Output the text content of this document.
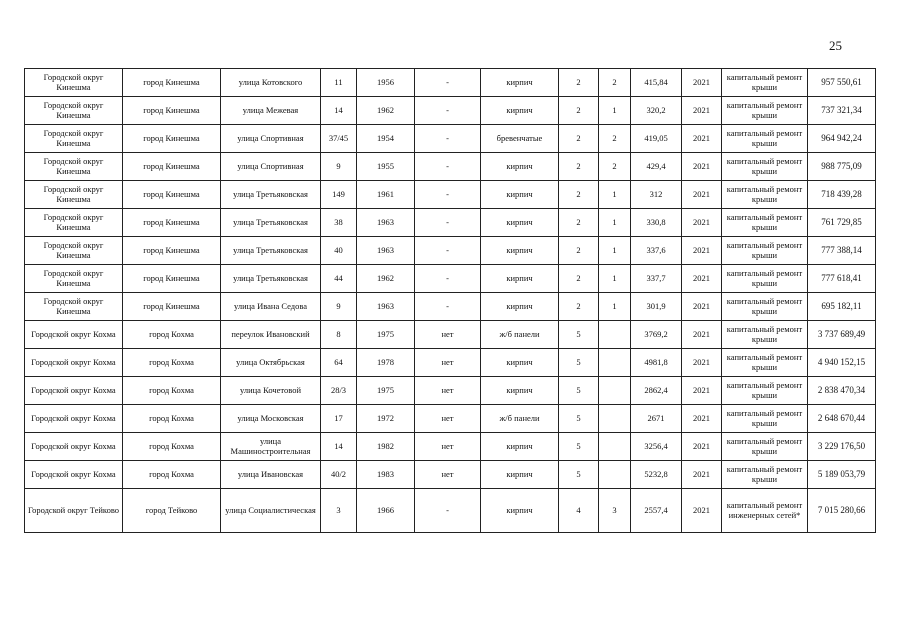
25
Городской округ Кинешма	город Кинешма	улица Котовского	11	1956	-	кирпич	2	2	415,84	2021	капитальный ремонт крыши	957 550,61
Городской округ Кинешма	город Кинешма	улица Межевая	14	1962	-	кирпич	2	1	320,2	2021	капитальный ремонт крыши	737 321,34
Городской округ Кинешма	город Кинешма	улица Спортивная	37/45	1954	-	бревенчатые	2	2	419,05	2021	капитальный ремонт крыши	964 942,24
Городской округ Кинешма	город Кинешма	улица Спортивная	9	1955	-	кирпич	2	2	429,4	2021	капитальный ремонт крыши	988 775,09
Городской округ Кинешма	город Кинешма	улица Третьяковская	149	1961	-	кирпич	2	1	312	2021	капитальный ремонт крыши	718 439,28
Городской округ Кинешма	город Кинешма	улица Третьяковская	38	1963	-	кирпич	2	1	330,8	2021	капитальный ремонт крыши	761 729,85
Городской округ Кинешма	город Кинешма	улица Третьяковская	40	1963	-	кирпич	2	1	337,6	2021	капитальный ремонт крыши	777 388,14
Городской округ Кинешма	город Кинешма	улица Третьяковская	44	1962	-	кирпич	2	1	337,7	2021	капитальный ремонт крыши	777 618,41
Городской округ Кинешма	город Кинешма	улица Ивана Седова	9	1963	-	кирпич	2	1	301,9	2021	капитальный ремонт крыши	695 182,11
Городской округ Кохма	город Кохма	переулок Ивановский	8	1975	нет	ж/б панели	5		3769,2	2021	капитальный ремонт крыши	3 737 689,49
Городской округ Кохма	город Кохма	улица Октябрьская	64	1978	нет	кирпич	5		4981,8	2021	капитальный ремонт крыши	4 940 152,15
Городской округ Кохма	город Кохма	улица Кочетовой	28/3	1975	нет	кирпич	5		2862,4	2021	капитальный ремонт крыши	2 838 470,34
Городской округ Кохма	город Кохма	улица Московская	17	1972	нет	ж/б панели	5		2671	2021	капитальный ремонт крыши	2 648 670,44
Городской округ Кохма	город Кохма	улица Машиностроительная	14	1982	нет	кирпич	5		3256,4	2021	капитальный ремонт крыши	3 229 176,50
Городской округ Кохма	город Кохма	улица Ивановская	40/2	1983	нет	кирпич	5		5232,8	2021	капитальный ремонт крыши	5 189 053,79
Городской округ Тейково	город Тейково	улица Социалистическая	3	1966	-	кирпич	4	3	2557,4	2021	капитальный ремонт инженерных сетей*	7 015 280,66
